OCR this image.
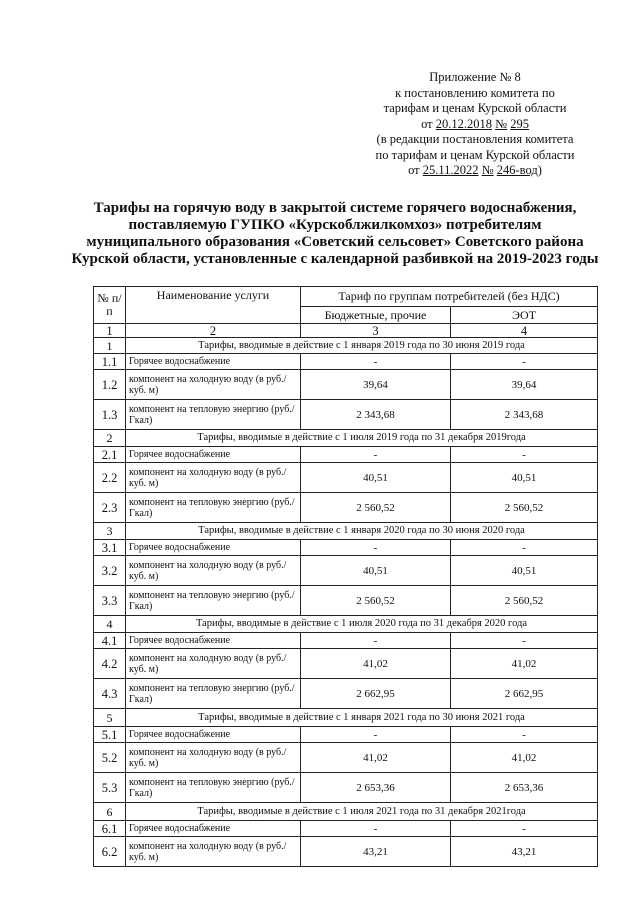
Приложение № 8
к постановлению комитета по
тарифам и ценам Курской области
от 20.12.2018 № 295
(в редакции постановления комитета
по тарифам и ценам Курской области
от 25.11.2022 № 246-вод)
Тарифы на горячую воду в закрытой системе горячего водоснабжения, поставляемую ГУПКО «Курскоблжилкомхоз» потребителям муниципального образования «Советский сельсовет» Советского района Курской области, установленные с календарной разбивкой на 2019-2023 годы
№ п/п	Наименование услуги	Тариф по группам потребителей (без НДС)	
		Бюджетные, прочие	ЭОТ
1	2	3	4
1	Тарифы, вводимые в действие с 1 января 2019 года по 30 июня 2019 года		
1.1	Горячее водоснабжение	-	-
1.2	компонент на холодную воду (в руб./куб. м)	39,64	39,64
1.3	компонент на тепловую энергию (руб./Гкал)	2 343,68	2 343,68
2	Тарифы, вводимые в действие с 1 июля 2019 года по 31 декабря 2019года		
2.1	Горячее водоснабжение	-	-
2.2	компонент на холодную воду (в руб./куб. м)	40,51	40,51
2.3	компонент на тепловую энергию (руб./Гкал)	2 560,52	2 560,52
3	Тарифы, вводимые в действие с 1 января 2020 года по 30 июня 2020 года		
3.1	Горячее водоснабжение	-	-
3.2	компонент на холодную воду (в руб./куб. м)	40,51	40,51
3.3	компонент на тепловую энергию (руб./Гкал)	2 560,52	2 560,52
4	Тарифы, вводимые в действие с 1 июля 2020 года по 31 декабря 2020 года		
4.1	Горячее водоснабжение	-	-
4.2	компонент на холодную воду (в руб./куб. м)	41,02	41,02
4.3	компонент на тепловую энергию (руб./Гкал)	2 662,95	2 662,95
5	Тарифы, вводимые в действие с 1 января 2021 года по 30 июня 2021 года		
5.1	Горячее водоснабжение	-	-
5.2	компонент на холодную воду (в руб./куб. м)	41,02	41,02
5.3	компонент на тепловую энергию (руб./Гкал)	2 653,36	2 653,36
6	Тарифы, вводимые в действие с 1 июля 2021 года по 31 декабря 2021года		
6.1	Горячее водоснабжение	-	-
6.2	компонент на холодную воду (в руб./куб. м)	43,21	43,21
